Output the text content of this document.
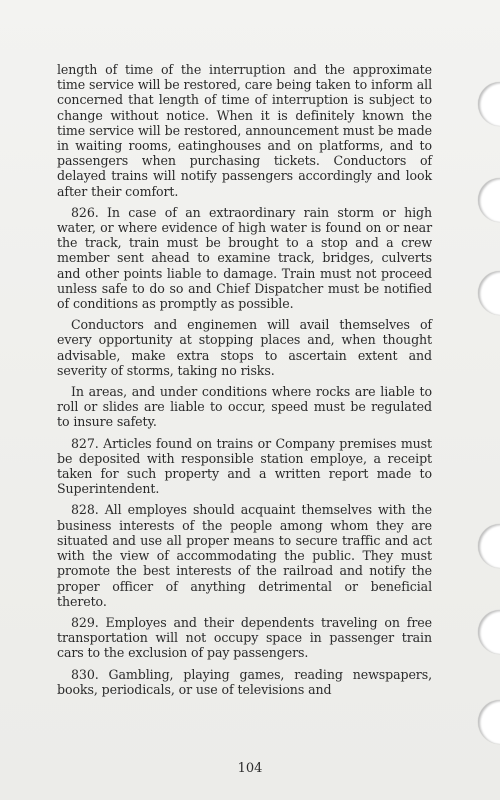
length of time of the interruption and the approximate time service will be restored, care being taken to inform all concerned that length of time of interruption is subject to change without notice. When it is definitely known the time service will be restored, announcement must be made in waiting rooms, eatinghouses and on platforms, and to passengers when purchasing tickets. Conductors of delayed trains will notify passengers accordingly and look after their comfort.

826. In case of an extraordinary rain storm or high water, or where evidence of high water is found on or near the track, train must be brought to a stop and a crew member sent ahead to examine track, bridges, culverts and other points liable to damage. Train must not proceed unless safe to do so and Chief Dispatcher must be notified of conditions as promptly as possible.

Conductors and enginemen will avail themselves of every opportunity at stopping places and, when thought advisable, make extra stops to ascertain extent and severity of storms, taking no risks.

In areas, and under conditions where rocks are liable to roll or slides are liable to occur, speed must be regulated to insure safety.

827. Articles found on trains or Company premises must be deposited with responsible station employe, a receipt taken for such property and a written report made to Superintendent.

828. All employes should acquaint themselves with the business interests of the people among whom they are situated and use all proper means to secure traffic and act with the view of accommodating the public. They must promote the best interests of the railroad and notify the proper officer of anything detrimental or beneficial thereto.

829. Employes and their dependents traveling on free transportation will not occupy space in passenger train cars to the exclusion of pay passengers.

830. Gambling, playing games, reading newspapers, books, periodicals, or use of televisions and

104
